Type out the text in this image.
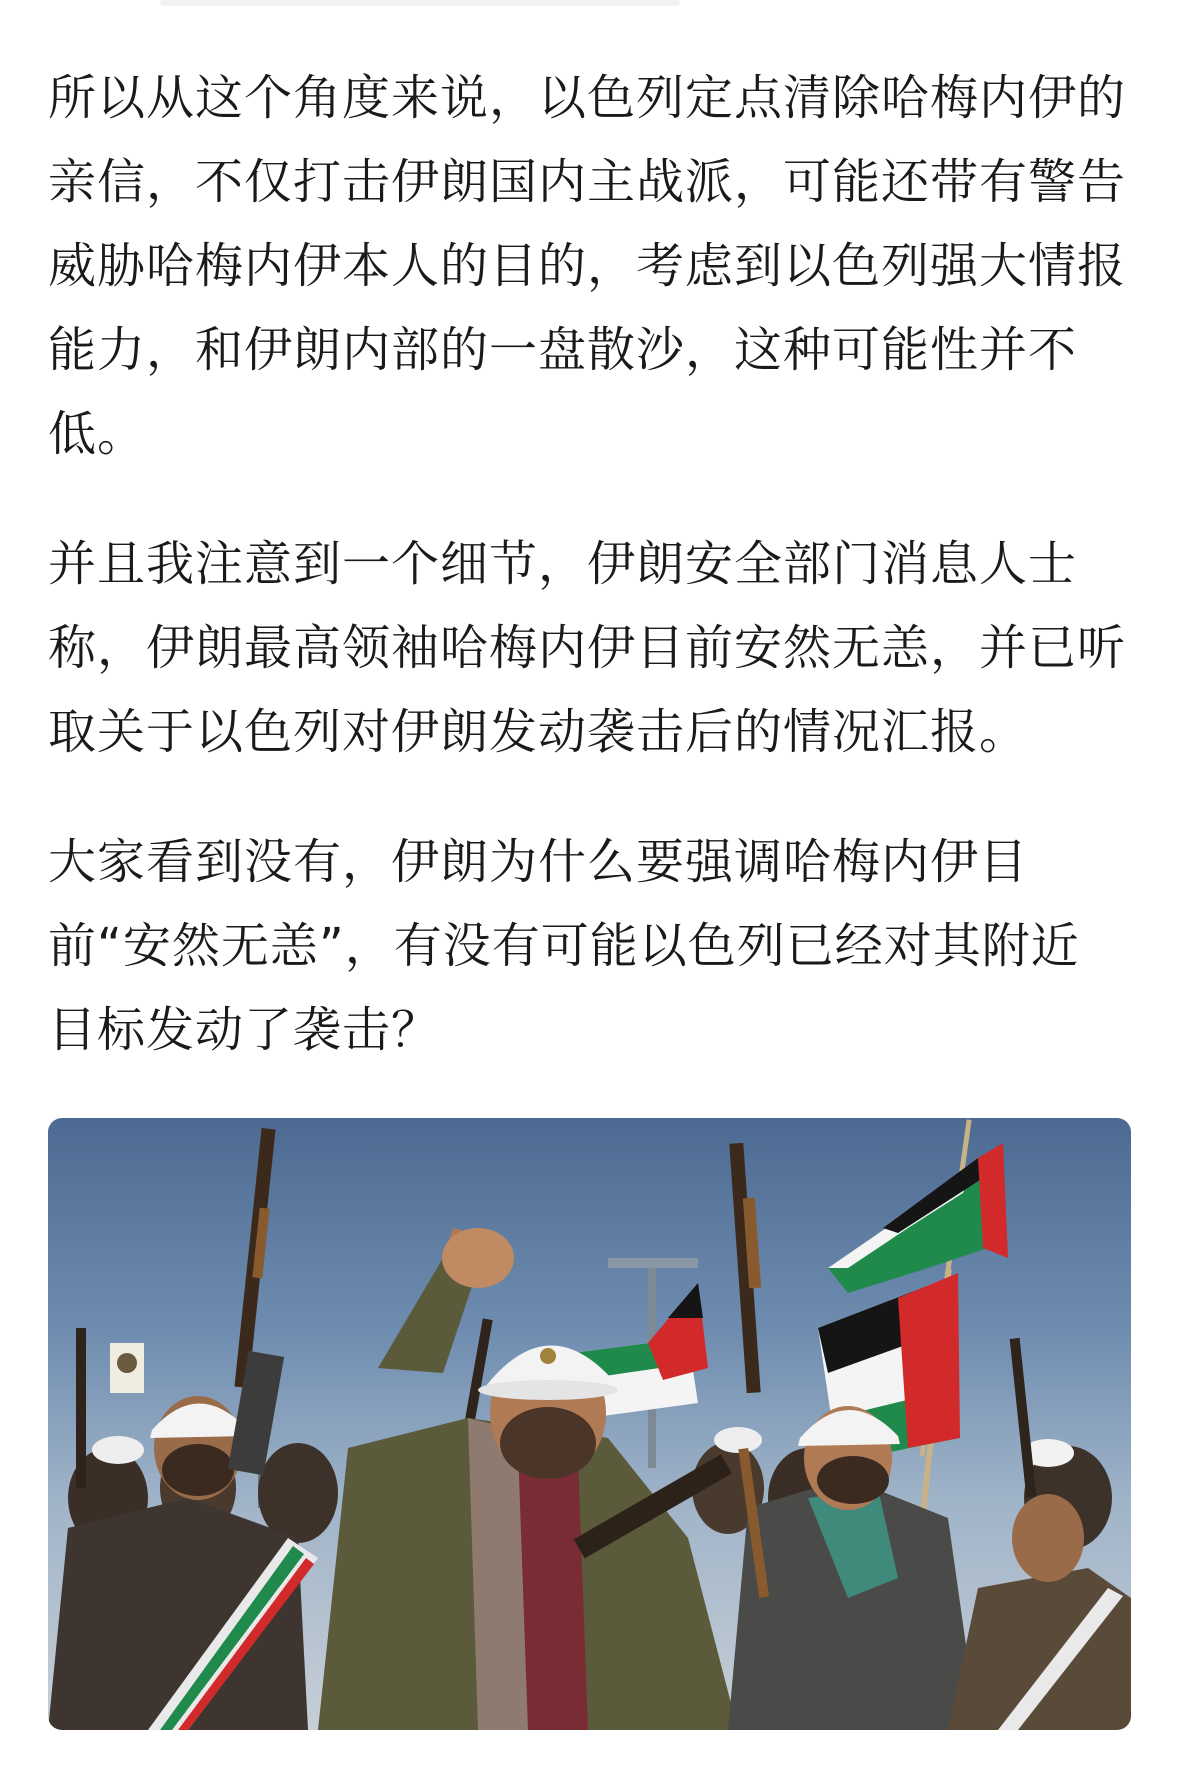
所以从这个角度来说，以色列定点清除哈梅内伊的亲信，不仅打击伊朗国内主战派，可能还带有警告威胁哈梅内伊本人的目的，考虑到以色列强大情报能力，和伊朗内部的一盘散沙，这种可能性并不低。

并且我注意到一个细节，伊朗安全部门消息人士称，伊朗最高领袖哈梅内伊目前安然无恙，并已听取关于以色列对伊朗发动袭击后的情况汇报。

大家看到没有，伊朗为什么要强调哈梅内伊目前“安然无恙”，有没有可能以色列已经对其附近目标发动了袭击？
